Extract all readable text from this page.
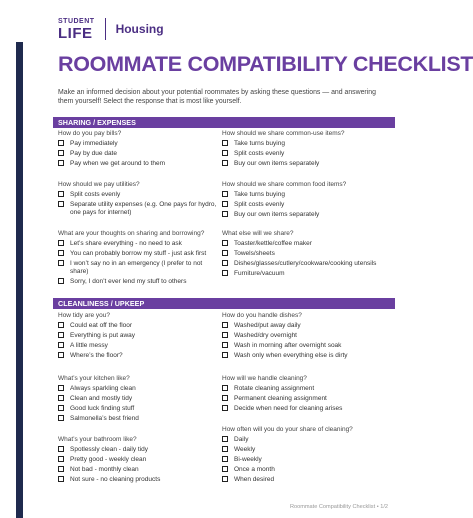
STUDENT
LIFE Housing
ROOMMATE COMPATIBILITY CHECKLIST
Make an informed decision about your potential roommates by asking these questions — and answering them yourself! Select the response that is most like yourself.
SHARING / EXPENSES
How do you pay bills?
Pay immediately
Pay by due date
Pay when we get around to them
How should we share common-use items?
Take turns buying
Split costs evenly
Buy our own items separately
How should we pay utilities?
Split costs evenly
Separate utility expenses (e.g. One pays for hydro, one pays for internet)
How should we share common food items?
Take turns buying
Split costs evenly
Buy our own items separately
What are your thoughts on sharing and borrowing?
Let’s share everything - no need to ask
You can probably borrow my stuff - just ask first
I won’t say no in an emergency (I prefer to not share)
Sorry, I don’t ever lend my stuff to others
What else will we share?
Toaster/kettle/coffee maker
Towels/sheets
Dishes/glasses/cutlery/cookware/cooking utensils
Furniture/vacuum
CLEANLINESS / UPKEEP
How tidy are you?
Could eat off the floor
Everything is put away
A little messy
Where’s the floor?
How do you handle dishes?
Washed/put away daily
Washed/dry overnight
Wash in morning after overnight soak
Wash only when everything else is dirty
What’s your kitchen like?
Always sparkling clean
Clean and mostly tidy
Good luck finding stuff
Salmonella’s best friend
How will we handle cleaning?
Rotate cleaning assignment
Permanent cleaning assignment
Decide when need for cleaning arises
What’s your bathroom like?
Spotlessly clean - daily tidy
Pretty good - weekly clean
Not bad - monthly clean
Not sure - no cleaning products
How often will you do your share of cleaning?
Daily
Weekly
Bi-weekly
Once a month
When desired
Roommate Compatibility Checklist • 1/2
